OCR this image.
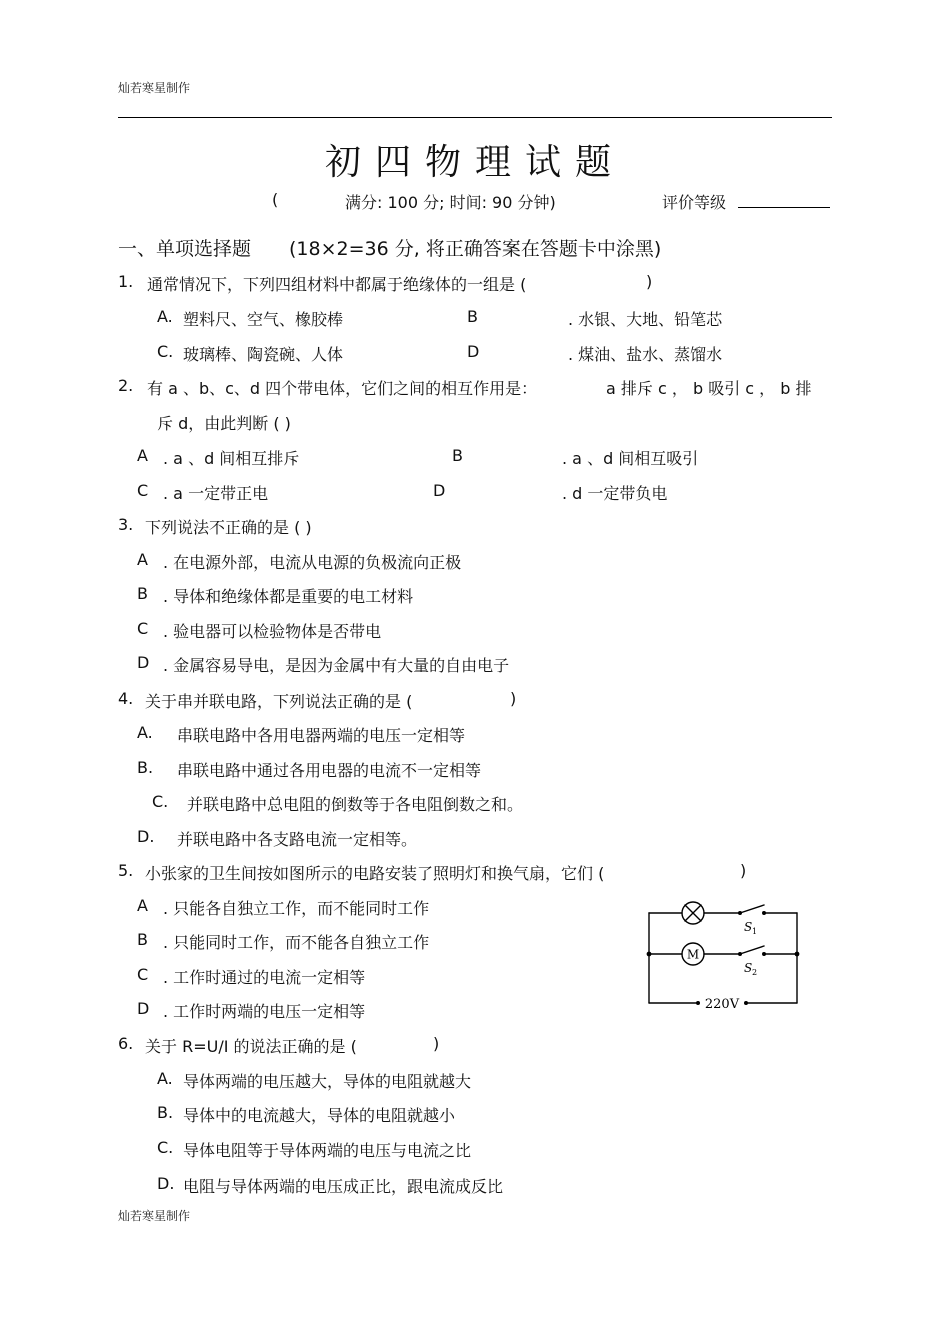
灿若寒星制作
初四物理试题
(	满分: 100 分; 时间: 90 分钟)	评价等级
一、单项选择题 (18×2=36 分, 将正确答案在答题卡中涂黑)
1. 通常情况下，下列四组材料中都属于绝缘体的一组是 (	)
A. 塑料尺、空气、橡胶棒	B	. 水银、大地、铅笔芯
C. 玻璃棒、陶瓷碗、人体	D	. 煤油、盐水、蒸馏水
2. 有 a 、b、c、d 四个带电体，它们之间的相互作用是：	a 排斥 c ， b 吸引 c ， b 排
斥 d，由此判断 ( )
A . a 、d 间相互排斥	B	. a 、d 间相互吸引
C . a 一定带正电	D	. d 一定带负电
3. 下列说法不正确的是 ( )
A . 在电源外部，电流从电源的负极流向正极
B . 导体和绝缘体都是重要的电工材料
C . 验电器可以检验物体是否带电
D . 金属容易导电，是因为金属中有大量的自由电子
4. 关于串并联电路，下列说法正确的是 (	)
A. 串联电路中各用电器两端的电压一定相等
B. 串联电路中通过各用电器的电流不一定相等
C. 并联电路中总电阻的倒数等于各电阻倒数之和。
D. 并联电路中各支路电流一定相等。
5. 小张家的卫生间按如图所示的电路安装了照明灯和换气扇，它们 (	)
A . 只能各自独立工作，而不能同时工作
B . 只能同时工作，而不能各自独立工作
C . 工作时通过的电流一定相等
D . 工作时两端的电压一定相等
M
S 1
S 2
220V
6. 关于 R=U/I 的说法正确的是 (	)
A. 导体两端的电压越大，导体的电阻就越大
B. 导体中的电流越大，导体的电阻就越小
C. 导体电阻等于导体两端的电压与电流之比
D. 电阻与导体两端的电压成正比，跟电流成反比
灿若寒星制作
